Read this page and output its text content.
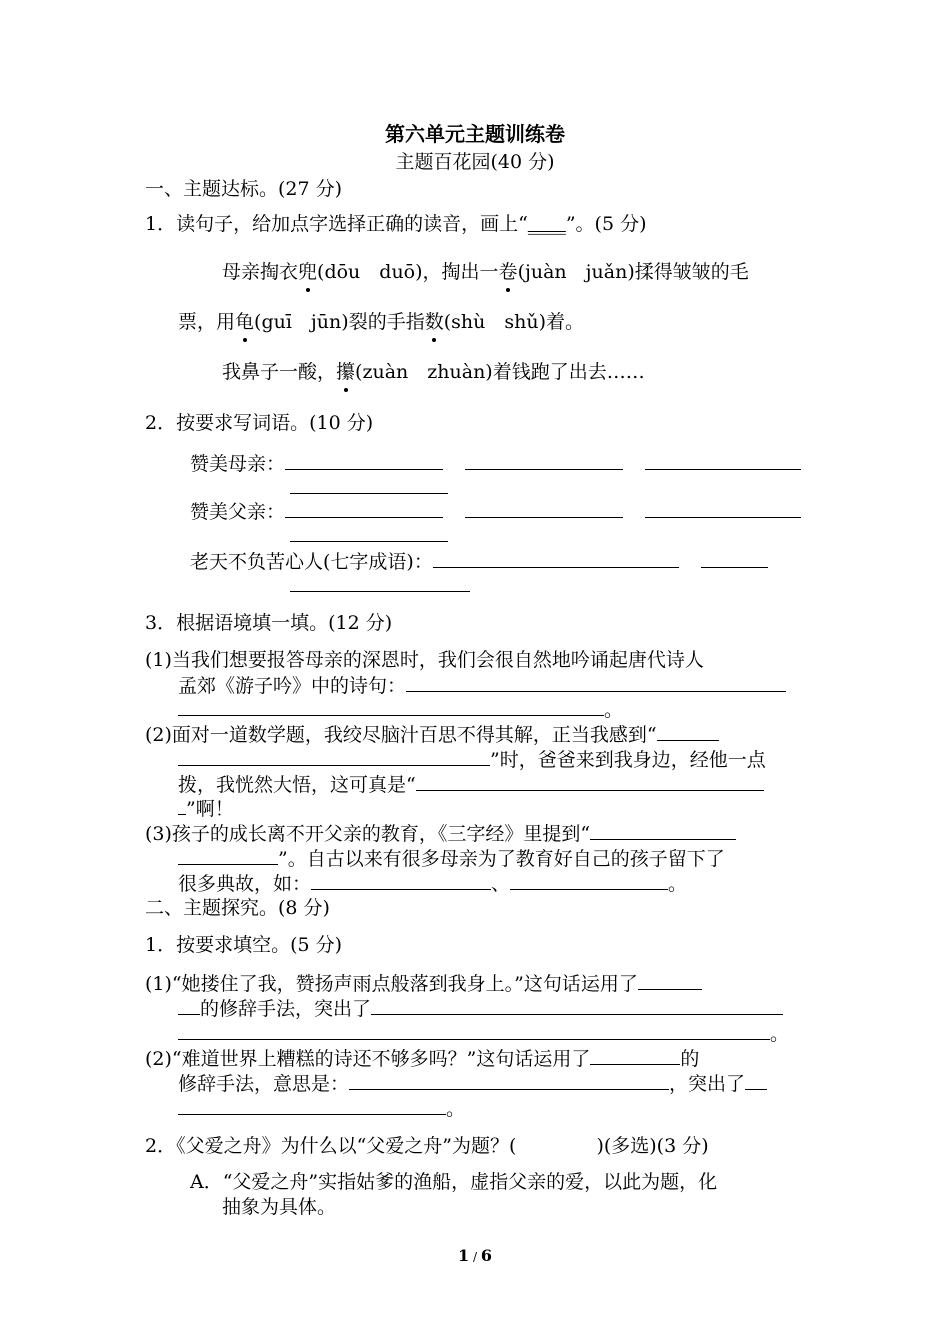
第六单元主题训练卷
主题百花园(40 分)
一、主题达标。(27 分)
1．读句子，给加点字选择正确的读音，画上“____”。(5 分)
母亲掏衣兜(dōu　duō)，掏出一卷(juàn　juǎn)揉得皱皱的毛
票，用龟(guī　jūn)裂的手指数(shù　shǔ)着。
我鼻子一酸，攥(zuàn　zhuàn)着钱跑了出去……
2．按要求写词语。(10 分)
赞美母亲：
赞美父亲：
老天不负苦心人(七字成语)：
3．根据语境填一填。(12 分)
(1)当我们想要报答母亲的深恩时，我们会很自然地吟诵起唐代诗人
孟郊《游子吟》中的诗句：
。
(2)面对一道数学题，我绞尽脑汁百思不得其解，正当我感到“
”时，爸爸来到我身边，经他一点
拨，我恍然大悟，这可真是“
”啊！
(3)孩子的成长离不开父亲的教育，《三字经》里提到“
”。自古以来有很多母亲为了教育好自己的孩子留下了
很多典故，如：	、	。
二、主题探究。(8 分)
1．按要求填空。(5 分)
(1)“她搂住了我，赞扬声雨点般落到我身上。”这句话运用了
的修辞手法，突出了
。
(2)“难道世界上糟糕的诗还不够多吗？”这句话运用了	的
修辞手法，意思是：	，突出了
。
2．《父爱之舟》为什么以“父爱之舟”为题？(	)(多选)(3 分)
A．“父爱之舟”实指姑爹的渔船，虚指父亲的爱，以此为题，化
抽象为具体。
1 / 6
